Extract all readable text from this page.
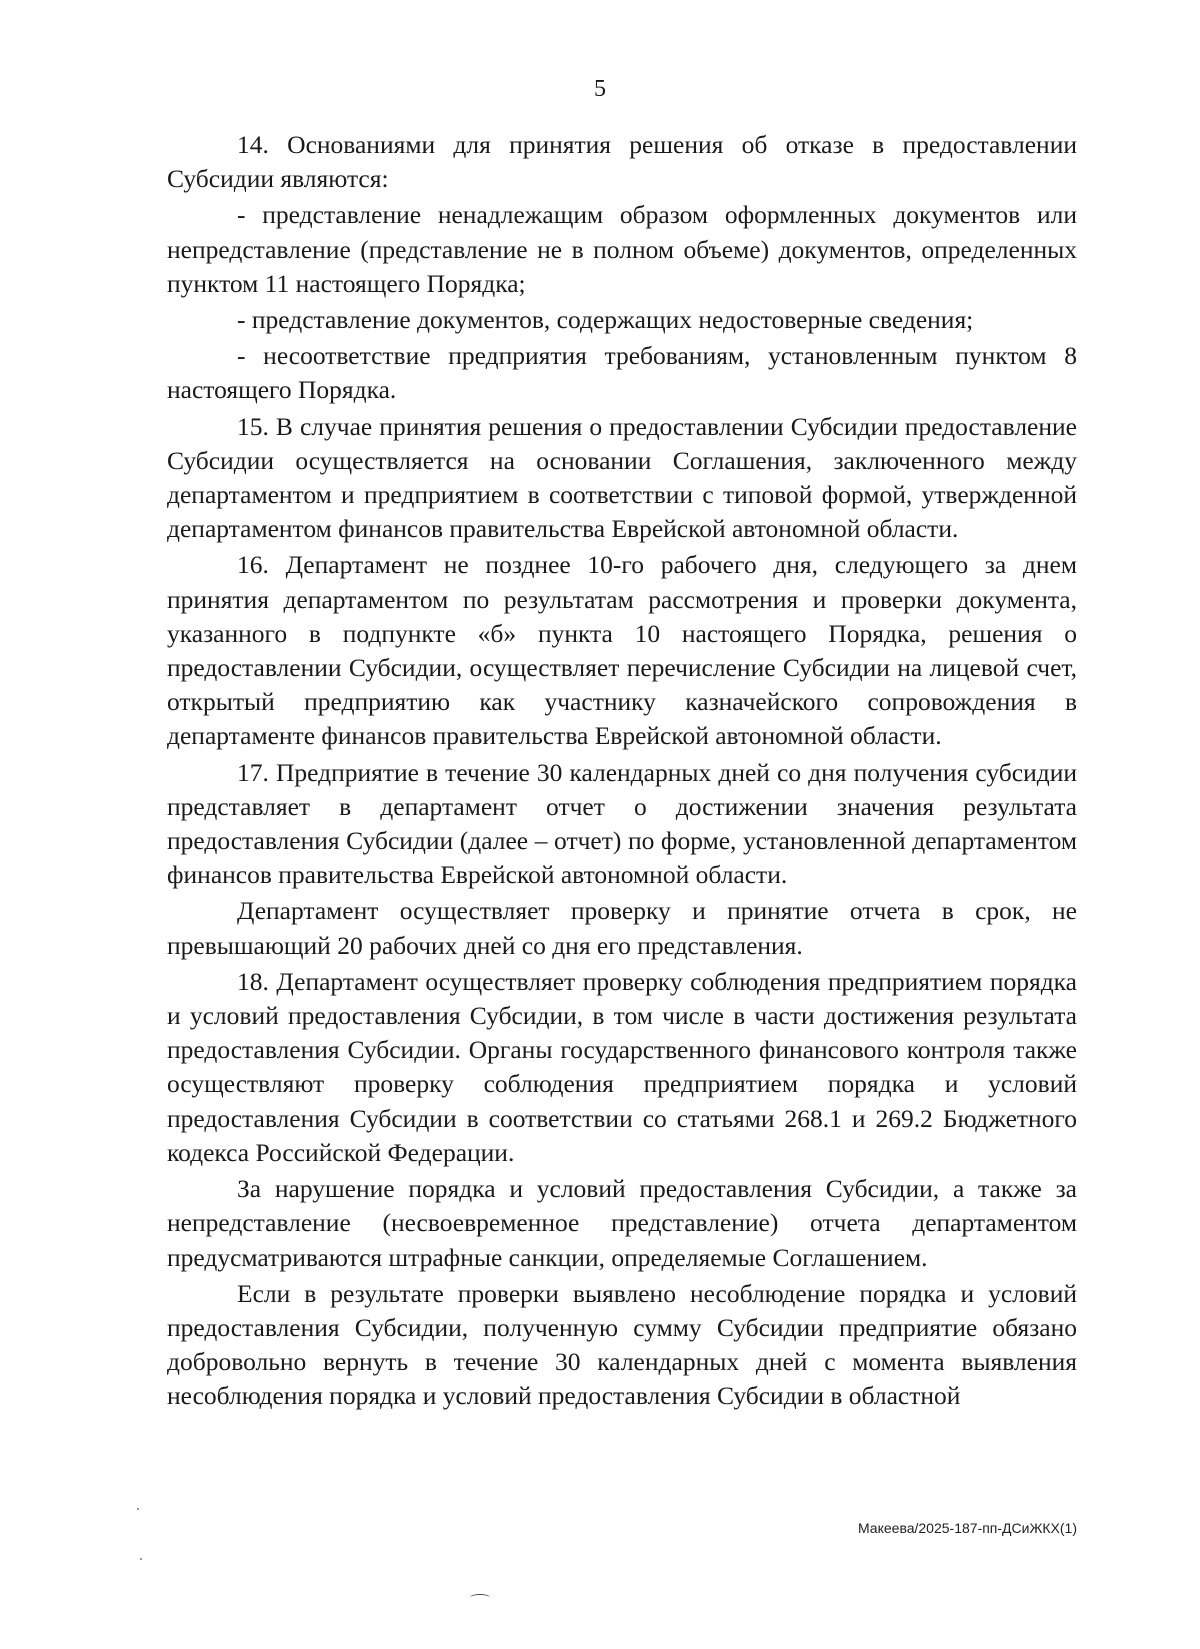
5

14. Основаниями для принятия решения об отказе в предоставлении Субсидии являются:

- представление ненадлежащим образом оформленных документов или непредставление (представление не в полном объеме) документов, определенных пунктом 11 настоящего Порядка;

- представление документов, содержащих недостоверные сведения;

- несоответствие предприятия требованиям, установленным пунктом 8 настоящего Порядка.

15. В случае принятия решения о предоставлении Субсидии предоставление Субсидии осуществляется на основании Соглашения, заключенного между департаментом и предприятием в соответствии с типовой формой, утвержденной департаментом финансов правительства Еврейской автономной области.

16. Департамент не позднее 10-го рабочего дня, следующего за днем принятия департаментом по результатам рассмотрения и проверки документа, указанного в подпункте «б» пункта 10 настоящего Порядка, решения о предоставлении Субсидии, осуществляет перечисление Субсидии на лицевой счет, открытый предприятию как участнику казначейского сопровождения в департаменте финансов правительства Еврейской автономной области.

17. Предприятие в течение 30 календарных дней со дня получения субсидии представляет в департамент отчет о достижении значения результата предоставления Субсидии (далее – отчет) по форме, установленной департаментом финансов правительства Еврейской автономной области.

Департамент осуществляет проверку и принятие отчета в срок, не превышающий 20 рабочих дней со дня его представления.

18. Департамент осуществляет проверку соблюдения предприятием порядка и условий предоставления Субсидии, в том числе в части достижения результата предоставления Субсидии. Органы государственного финансового контроля также осуществляют проверку соблюдения предприятием порядка и условий предоставления Субсидии в соответствии со статьями 268.1 и 269.2 Бюджетного кодекса Российской Федерации.

За нарушение порядка и условий предоставления Субсидии, а также за непредставление (несвоевременное представление) отчета департаментом предусматриваются штрафные санкции, определяемые Соглашением.

Если в результате проверки выявлено несоблюдение порядка и условий предоставления Субсидии, полученную сумму Субсидии предприятие обязано добровольно вернуть в течение 30 календарных дней с момента выявления несоблюдения порядка и условий предоставления Субсидии в областной

Макеева/2025-187-пп-ДСиЖКХ(1)
